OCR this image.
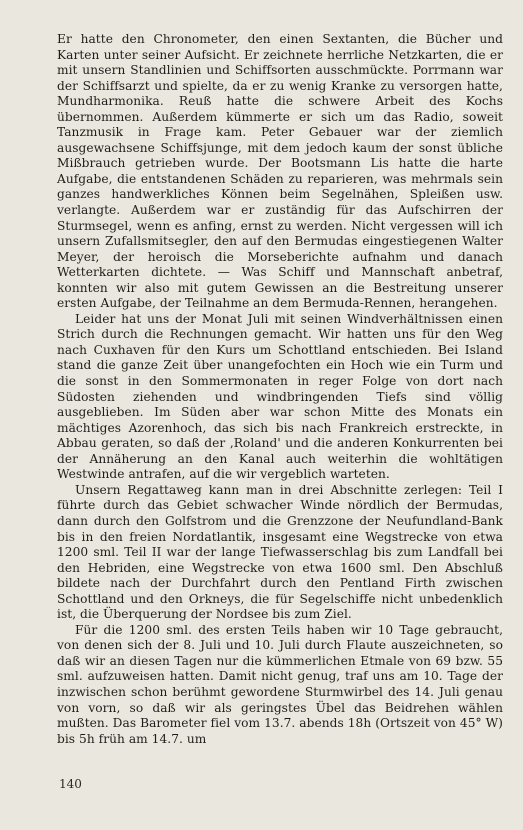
Er hatte den Chronometer, den einen Sextanten, die Bücher und Karten unter seiner Aufsicht. Er zeichnete herrliche Netzkarten, die er mit unsern Standlinien und Schiffsorten ausschmückte. Porrmann war der Schiffsarzt und spielte, da er zu wenig Kranke zu versorgen hatte, Mundharmonika. Reuß hatte die schwere Arbeit des Kochs übernommen. Außerdem kümmerte er sich um das Radio, soweit Tanzmusik in Frage kam. Peter Gebauer war der ziemlich ausgewachsene Schiffsjunge, mit dem jedoch kaum der sonst übliche Mißbrauch getrieben wurde. Der Bootsmann Lis hatte die harte Aufgabe, die entstandenen Schäden zu reparieren, was mehrmals sein ganzes handwerkliches Können beim Segelnähen, Spleißen usw. verlangte. Außerdem war er zuständig für das Aufschirren der Sturmsegel, wenn es anfing, ernst zu werden. Nicht vergessen will ich unsern Zufallsmitsegler, den auf den Bermudas eingestiegenen Walter Meyer, der heroisch die Morseberichte aufnahm und danach Wetterkarten dichtete. — Was Schiff und Mannschaft anbetraf, konnten wir also mit gutem Gewissen an die Bestreitung unserer ersten Aufgabe, der Teilnahme an dem Bermuda-Rennen, herangehen.

Leider hat uns der Monat Juli mit seinen Windverhältnissen einen Strich durch die Rechnungen gemacht. Wir hatten uns für den Weg nach Cuxhaven für den Kurs um Schottland entschieden. Bei Island stand die ganze Zeit über unangefochten ein Hoch wie ein Turm und die sonst in den Sommermonaten in reger Folge von dort nach Südosten ziehenden und windbringenden Tiefs sind völlig ausgeblieben. Im Süden aber war schon Mitte des Monats ein mächtiges Azorenhoch, das sich bis nach Frankreich erstreckte, in Abbau geraten, so daß der ‚Roland' und die anderen Konkurrenten bei der Annäherung an den Kanal auch weiterhin die wohltätigen Westwinde antrafen, auf die wir vergeblich warteten.

Unsern Regattaweg kann man in drei Abschnitte zerlegen: Teil I führte durch das Gebiet schwacher Winde nördlich der Bermudas, dann durch den Golfstrom und die Grenzzone der Neufundland-Bank bis in den freien Nordatlantik, insgesamt eine Wegstrecke von etwa 1200 sml. Teil II war der lange Tiefwasserschlag bis zum Landfall bei den Hebriden, eine Wegstrecke von etwa 1600 sml. Den Abschluß bildete nach der Durchfahrt durch den Pentland Firth zwischen Schottland und den Orkneys, die für Segelschiffe nicht unbedenklich ist, die Überquerung der Nordsee bis zum Ziel.

Für die 1200 sml. des ersten Teils haben wir 10 Tage gebraucht, von denen sich der 8. Juli und 10. Juli durch Flaute auszeichneten, so daß wir an diesen Tagen nur die kümmerlichen Etmale von 69 bzw. 55 sml. aufzuweisen hatten. Damit nicht genug, traf uns am 10. Tage der inzwischen schon berühmt gewordene Sturmwirbel des 14. Juli genau von vorn, so daß wir als geringstes Übel das Beidrehen wählen mußten. Das Barometer fiel vom 13.7. abends 18h (Ortszeit von 45° W) bis 5h früh am 14.7. um

140
